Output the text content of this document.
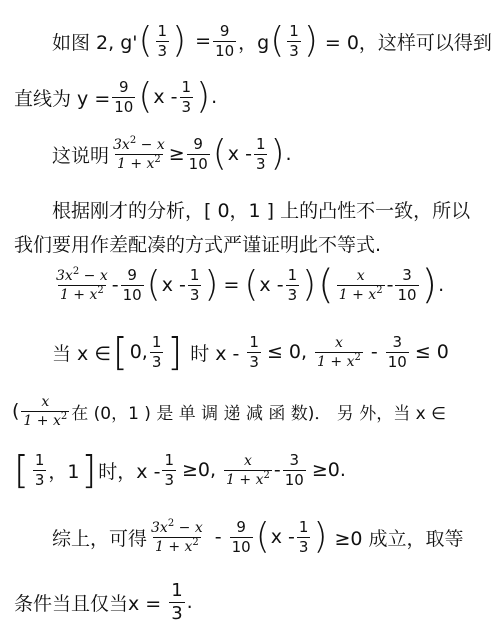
如图 2, g' ( $\frac{1}{3}$ ) = $\frac{9}{10}$ ，g ( $\frac{1}{3}$ ) = 0，这样可以得到
直线为 $y = \frac{9}{10}$ ( x - $\frac{1}{3}$ ) .
这说明 $\frac{3x^2 - x}{1 + x^2} \ge \frac{9}{10}$ ( x - $\frac{1}{3}$ ) .
根据刚才的分析，[ 0，1 ] 上的凸性不一致，所以
我们要用作差配凑的方式严谨证明此不等式.
$\frac{3x^2 - x}{1 + x^2} - \frac{9}{10}$ ( x - $\frac{1}{3}$ ) = ( x - $\frac{1}{3}$ ) ( $\frac{x}{1 + x^2} - \frac{3}{10}$ ) .
当 x ∈ [ 0, $\frac{1}{3}$ ] 时 $x - \frac{1}{3} \le 0$, $\frac{x}{1 + x^2} - \frac{3}{10} \le 0$
( $\frac{x}{1 + x^2}$ 在 (0，1 ) 是 单 调 递 减 函 数)． 另 外，当 x ∈
[ $\frac{1}{3}$ ，1 ] 时，$x - \frac{1}{3} \ge 0$, $\frac{x}{1 + x^2} - \frac{3}{10} \ge 0$.
综上，可得 $\frac{3x^2 - x}{1 + x^2} - \frac{9}{10}$ ( x - $\frac{1}{3}$ ) ≥0 成立，取等
条件当且仅当$x = \frac{1}{3}$ .
